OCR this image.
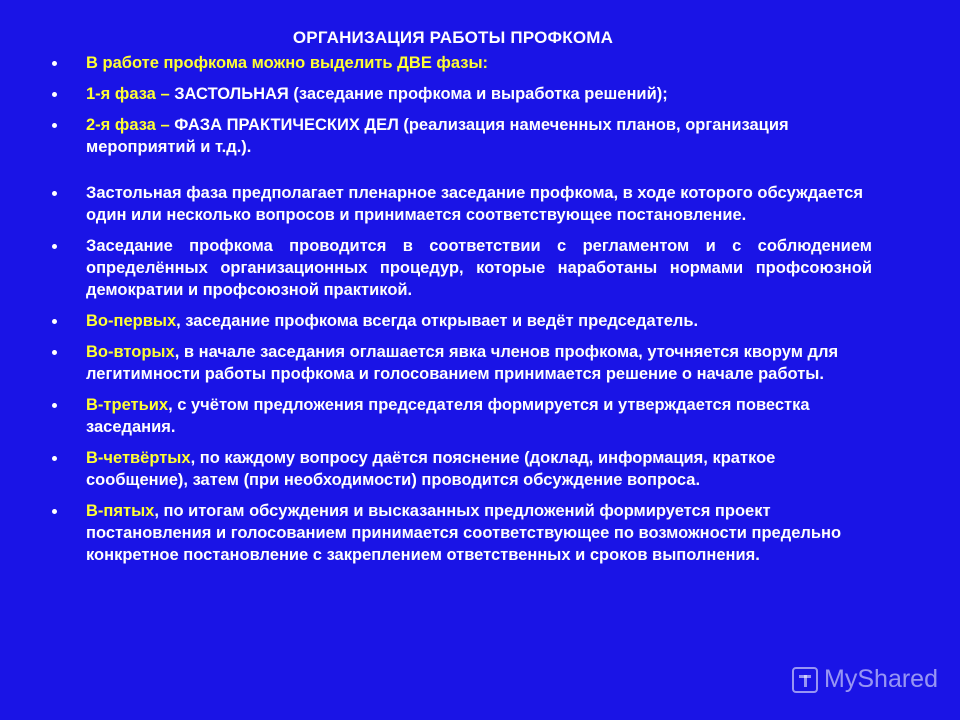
ОРГАНИЗАЦИЯ РАБОТЫ ПРОФКОМА
В работе профкома можно выделить ДВЕ фазы:
1-я фаза – ЗАСТОЛЬНАЯ (заседание профкома и выработка решений);
2-я фаза – ФАЗА ПРАКТИЧЕСКИХ ДЕЛ (реализация намеченных планов, организация мероприятий и т.д.).
Застольная фаза предполагает пленарное заседание профкома, в ходе которого обсуждается один или несколько вопросов и принимается соответствующее постановление.
Заседание профкома проводится в соответствии с регламентом и с соблюдением определённых организационных процедур, которые наработаны нормами профсоюзной демократии и профсоюзной практикой.
Во-первых, заседание профкома всегда открывает и ведёт председатель.
Во-вторых, в начале заседания оглашается явка членов профкома, уточняется кворум для легитимности работы профкома и голосованием принимается решение о начале работы.
В-третьих, с учётом предложения председателя формируется и утверждается повестка заседания.
В-четвёртых, по каждому вопросу даётся пояснение (доклад, информация, краткое сообщение), затем (при необходимости) проводится обсуждение вопроса.
В-пятых, по итогам обсуждения и высказанных предложений формируется проект постановления и голосованием принимается соответствующее по возможности предельно конкретное постановление с закреплением ответственных и сроков выполнения.
MyShared
